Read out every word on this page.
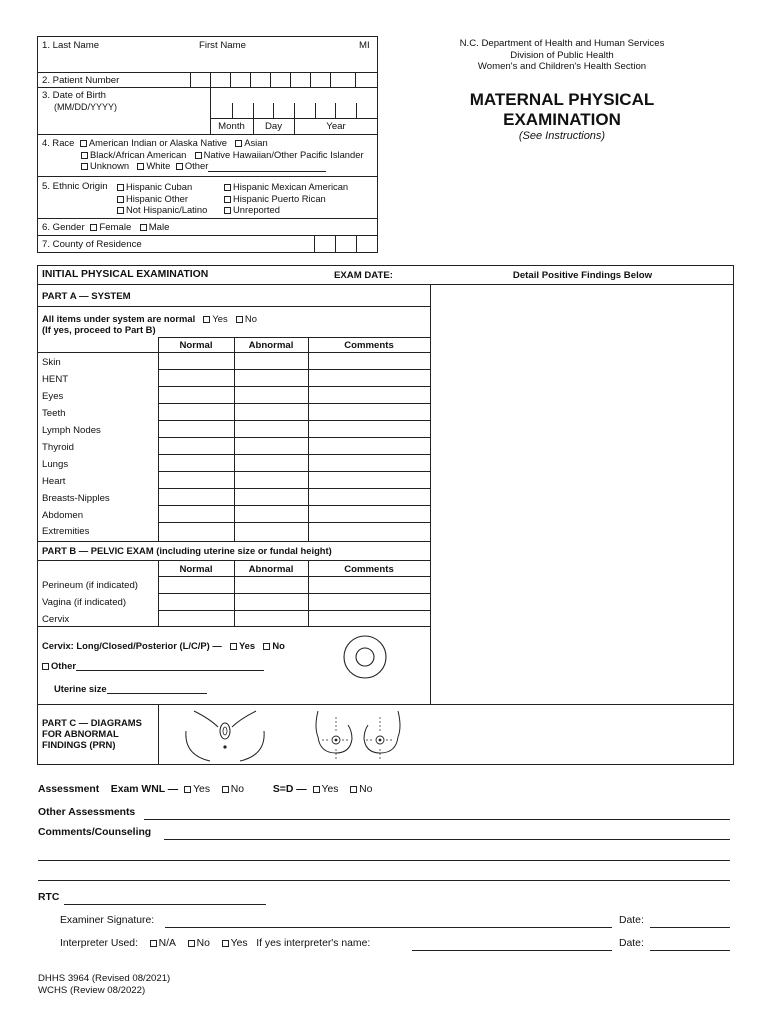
N.C. Department of Health and Human Services
Division of Public Health
Women's and Children's Health Section
MATERNAL PHYSICAL
EXAMINATION
(See Instructions)
1. Last Name	First Name	MI
2. Patient Number
3. Date of Birth
(MM/DD/YYYY)
Month	Day	Year
4. Race American Indian or Alaska Native Asian
Black/African American Native Hawaiian/Other Pacific Islander
Unknown White Other
5. Ethnic Origin	Hispanic Cuban
Hispanic Other
Not Hispanic/Latino
Hispanic Mexican American
Hispanic Puerto Rican
Unreported
6. Gender Female Male
7. County of Residence
INITIAL PHYSICAL EXAMINATION	EXAM DATE:	Detail Positive Findings Below
PART A — SYSTEM
All items under system are normal Yes No
(If yes, proceed to Part B)
Normal	Abnormal	Comments
Skin
HENT
Eyes
Teeth
Lymph Nodes
Thyroid
Lungs
Heart
Breasts-Nipples
Abdomen
Extremities
PART B — PELVIC EXAM (including uterine size or fundal height)
Normal	Abnormal	Comments
Perineum (if indicated)
Vagina (if indicated)
Cervix
Cervix: Long/Closed/Posterior (L/C/P) — Yes No
Other
Uterine size
PART C — DIAGRAMS
FOR ABNORMAL
FINDINGS (PRN)
Assessment Exam WNL — Yes No	S=D — Yes No
Other Assessments
Comments/Counseling
RTC
Examiner Signature:	Date:
Interpreter Used: N/A No Yes If yes interpreter's name:	Date:
DHHS 3964 (Revised 08/2021)
WCHS (Review 08/2022)
